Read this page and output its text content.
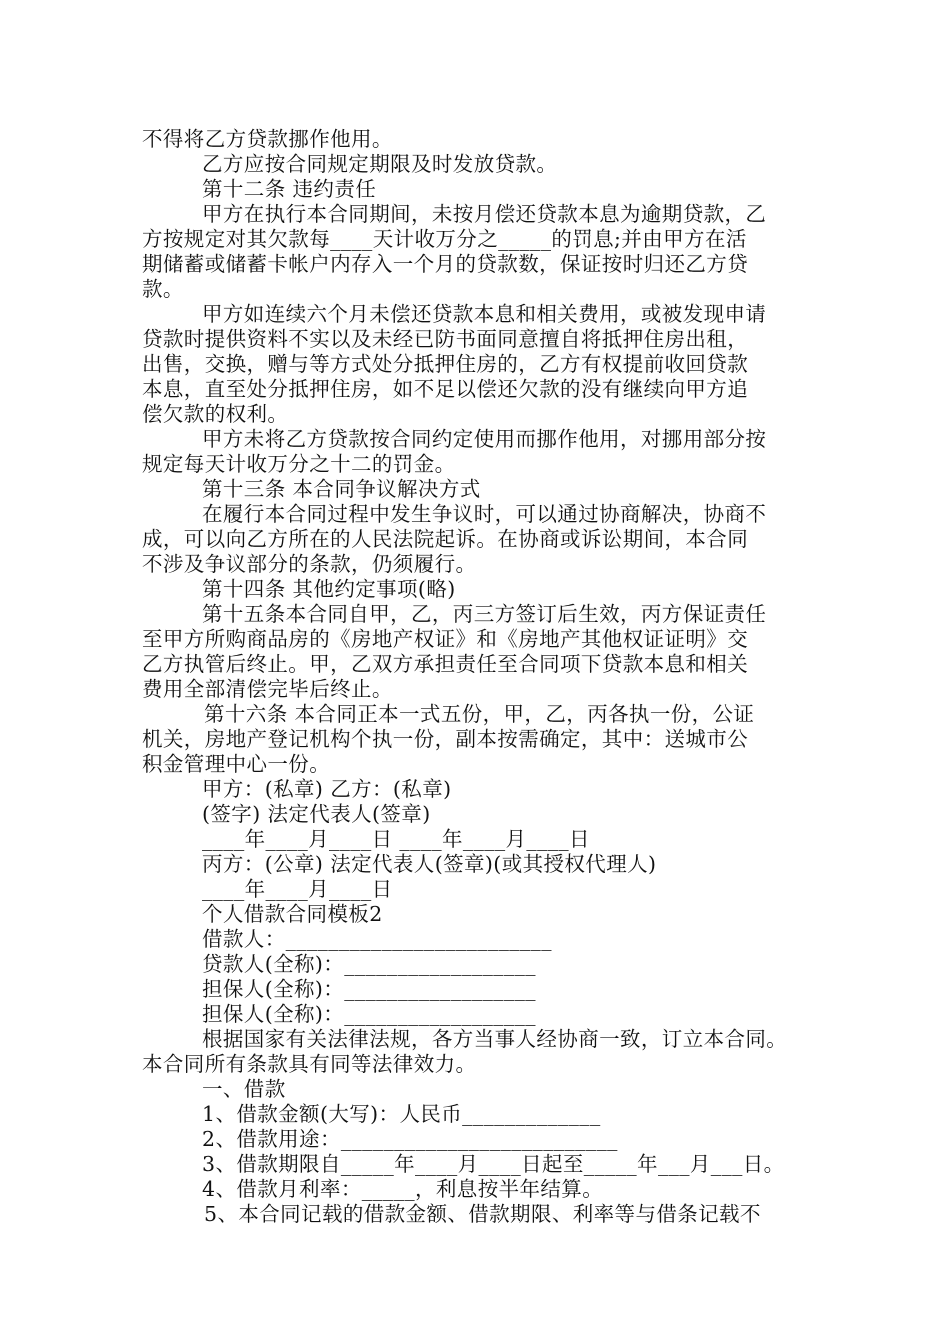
不得将乙方贷款挪作他用。
乙方应按合同规定期限及时发放贷款。
第十二条 违约责任
甲方在执行本合同期间，未按月偿还贷款本息为逾期贷款，乙
方按规定对其欠款每____天计收万分之_____的罚息;并由甲方在活
期储蓄或储蓄卡帐户内存入一个月的贷款数，保证按时归还乙方贷
款。
甲方如连续六个月未偿还贷款本息和相关费用，或被发现申请
贷款时提供资料不实以及未经已防书面同意擅自将抵押住房出租，
出售，交换，赠与等方式处分抵押住房的，乙方有权提前收回贷款
本息，直至处分抵押住房，如不足以偿还欠款的没有继续向甲方追
偿欠款的权利。
甲方未将乙方贷款按合同约定使用而挪作他用，对挪用部分按
规定每天计收万分之十二的罚金。
第十三条 本合同争议解决方式
在履行本合同过程中发生争议时，可以通过协商解决，协商不
成，可以向乙方所在的人民法院起诉。在协商或诉讼期间，本合同
不涉及争议部分的条款，仍须履行。
第十四条 其他约定事项(略)
第十五条本合同自甲，乙，丙三方签订后生效，丙方保证责任
至甲方所购商品房的《房地产权证》和《房地产其他权证证明》交
乙方执管后终止。甲，乙双方承担责任至合同项下贷款本息和相关
费用全部清偿完毕后终止。
第十六条 本合同正本一式五份，甲，乙，丙各执一份，公证
机关，房地产登记机构个执一份，副本按需确定，其中：送城市公
积金管理中心一份。
甲方：(私章) 乙方：(私章)
(签字) 法定代表人(签章)
____年____月____日 ____年____月____日
丙方：(公章) 法定代表人(签章)(或其授权代理人)
____年____月____日
个人借款合同模板2
借款人：_________________________
贷款人(全称)：__________________
担保人(全称)：__________________
担保人(全称)：__________________
根据国家有关法律法规，各方当事人经协商一致，订立本合同。
本合同所有条款具有同等法律效力。
一、借款
1、借款金额(大写)：人民币_____________
2、借款用途：__________________________
3、借款期限自_____年____月____日起至_____年___月___日。
4、借款月利率：_____，利息按半年结算。
5、本合同记载的借款金额、借款期限、利率等与借条记载不
